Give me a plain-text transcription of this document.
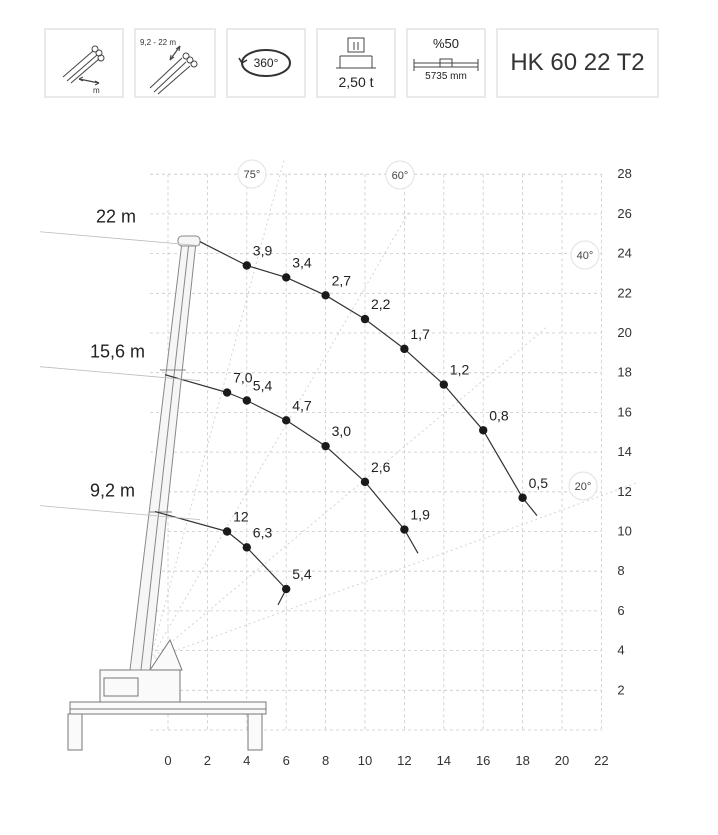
m
9,2 - 22 m
360°
2,50 t
%50
5735 mm
HK 60 22 T2
75°	60°
40°
20°
3,9
3,4
2,7
2,2
1,7
1,2
0,8
0,5
7,0 5,4
4,7
3,0
2,6
1,9
12
6,3
5,4
22 m
15,6 m
9,2 m
0 2 4 6 8 10 12 14 16 18 20 22
2
4
6
8
10
12
14
16
18
20
22
24
26
28
